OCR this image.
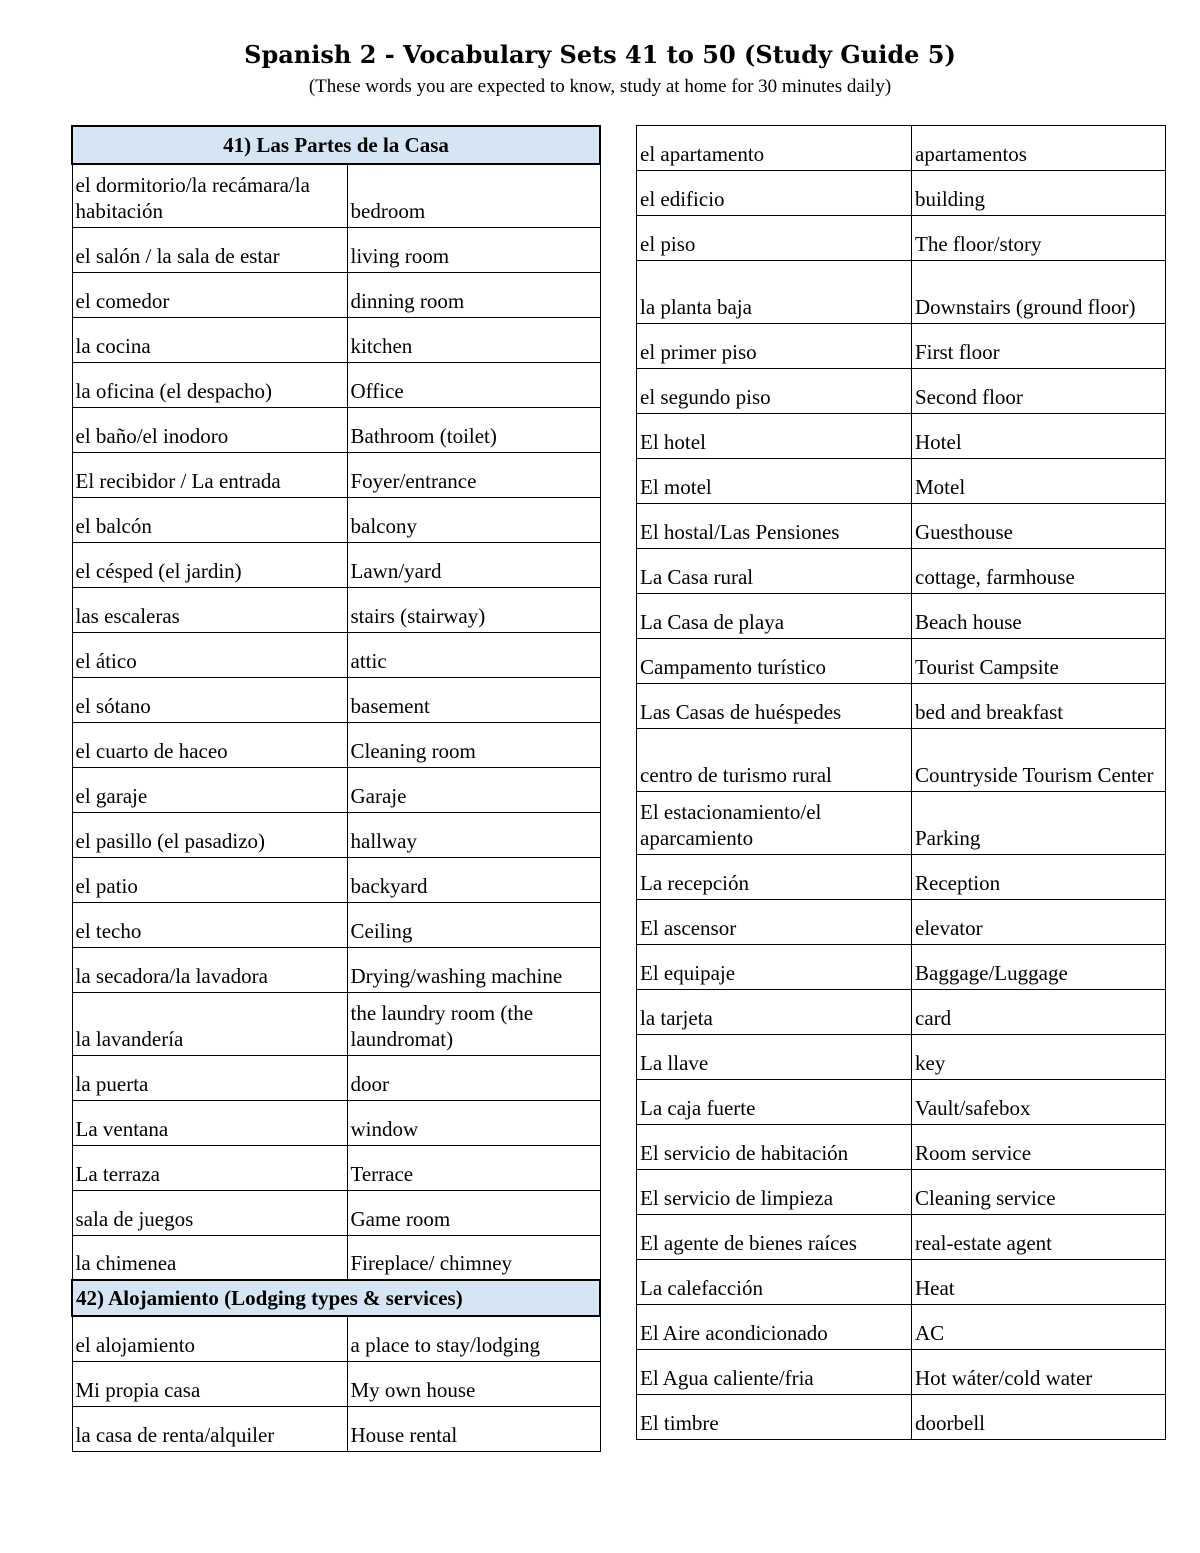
Spanish 2 - Vocabulary Sets 41 to 50 (Study Guide 5)
(These words you are expected to know, study at home for 30 minutes daily)
41) Las Partes de la Casa	
el dormitorio/la recámara/la habitación	bedroom
el salón / la sala de estar	living room
el comedor	dinning room
la cocina	kitchen
la oficina (el despacho)	Office
el baño/el inodoro	Bathroom (toilet)
El recibidor / La entrada	Foyer/entrance
el balcón	balcony
el césped (el jardin)	Lawn/yard
las escaleras	stairs (stairway)
el ático	attic
el sótano	basement
el cuarto de haceo	Cleaning room
el garaje	Garaje
el pasillo (el pasadizo)	hallway
el patio	backyard
el techo	Ceiling
la secadora/la lavadora	Drying/washing machine
la lavandería	the laundry room (the laundromat)
la puerta	door
La ventana	window
La terraza	Terrace
sala de juegos	Game room
la chimenea	Fireplace/ chimney
42) Alojamiento (Lodging types & services)	
el alojamiento	a place to stay/lodging
Mi propia casa	My own house
la casa de renta/alquiler	House rental
el apartamento	apartamentos
el edificio	building
el piso	The floor/story
la planta baja	Downstairs (ground floor)
el primer piso	First floor
el segundo piso	Second floor
El hotel	Hotel
El motel	Motel
El hostal/Las Pensiones	Guesthouse
La Casa rural	cottage, farmhouse
La Casa de playa	Beach house
Campamento turístico	Tourist Campsite
Las Casas de huéspedes	bed and breakfast
centro de turismo rural	Countryside Tourism Center
El estacionamiento/el aparcamiento	Parking
La recepción	Reception
El ascensor	elevator
El equipaje	Baggage/Luggage
la tarjeta	card
La llave	key
La caja fuerte	Vault/safebox
El servicio de habitación	Room service
El servicio de limpieza	Cleaning service
El agente de bienes raíces	real-estate agent
La calefacción	Heat
El Aire acondicionado	AC
El Agua caliente/fria	Hot wáter/cold water
El timbre	doorbell
